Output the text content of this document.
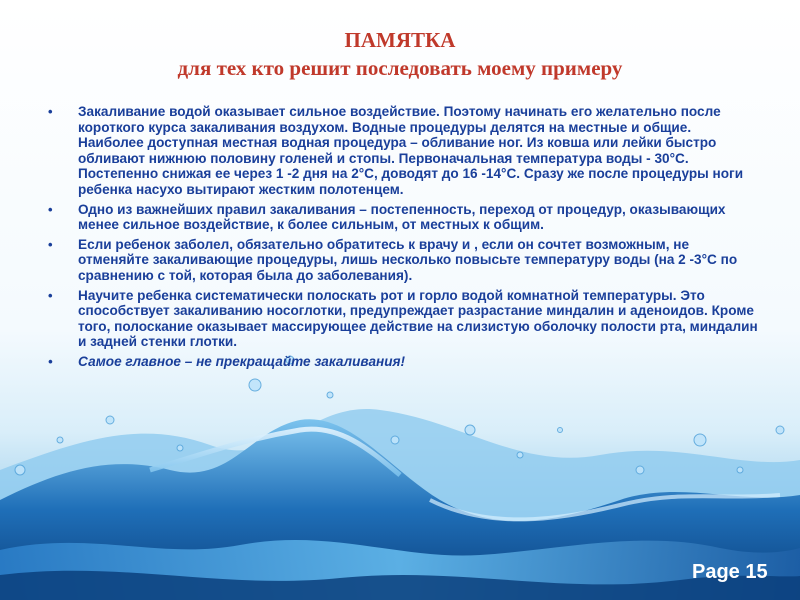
ПАМЯТКА
для тех кто решит последовать моему примеру
•	Закаливание водой оказывает сильное воздействие. Поэтому начинать его желательно после короткого курса закаливания воздухом. Водные процедуры делятся на местные и общие. Наиболее доступная местная водная процедура – обливание ног. Из ковша или лейки быстро обливают нижнюю половину голеней и стопы. Первоначальная температура воды - 30°С. Постепенно снижая ее через 1 -2 дня на 2°С, доводят до 16 -14°С. Сразу же после процедуры ноги ребенка насухо вытирают жестким полотенцем.
•	Одно из важнейших правил закаливания – постепенность, переход от процедур, оказывающих менее сильное воздействие, к более сильным, от местных к общим.
•	Если ребенок заболел, обязательно обратитесь к врачу и , если он сочтет возможным, не отменяйте закаливающие процедуры, лишь несколько повысьте температуру воды (на 2 -3°С по сравнению с той, которая была до заболевания).
•	Научите ребенка систематически полоскать рот и горло водой комнатной температуры. Это способствует закаливанию носоглотки, предупреждает разрастание миндалин и аденоидов. Кроме того, полоскание оказывает массирующее действие на слизистую оболочку полости рта, миндалин и задней стенки глотки.
•	Самое главное – не прекращайте закаливания!
Page 15
